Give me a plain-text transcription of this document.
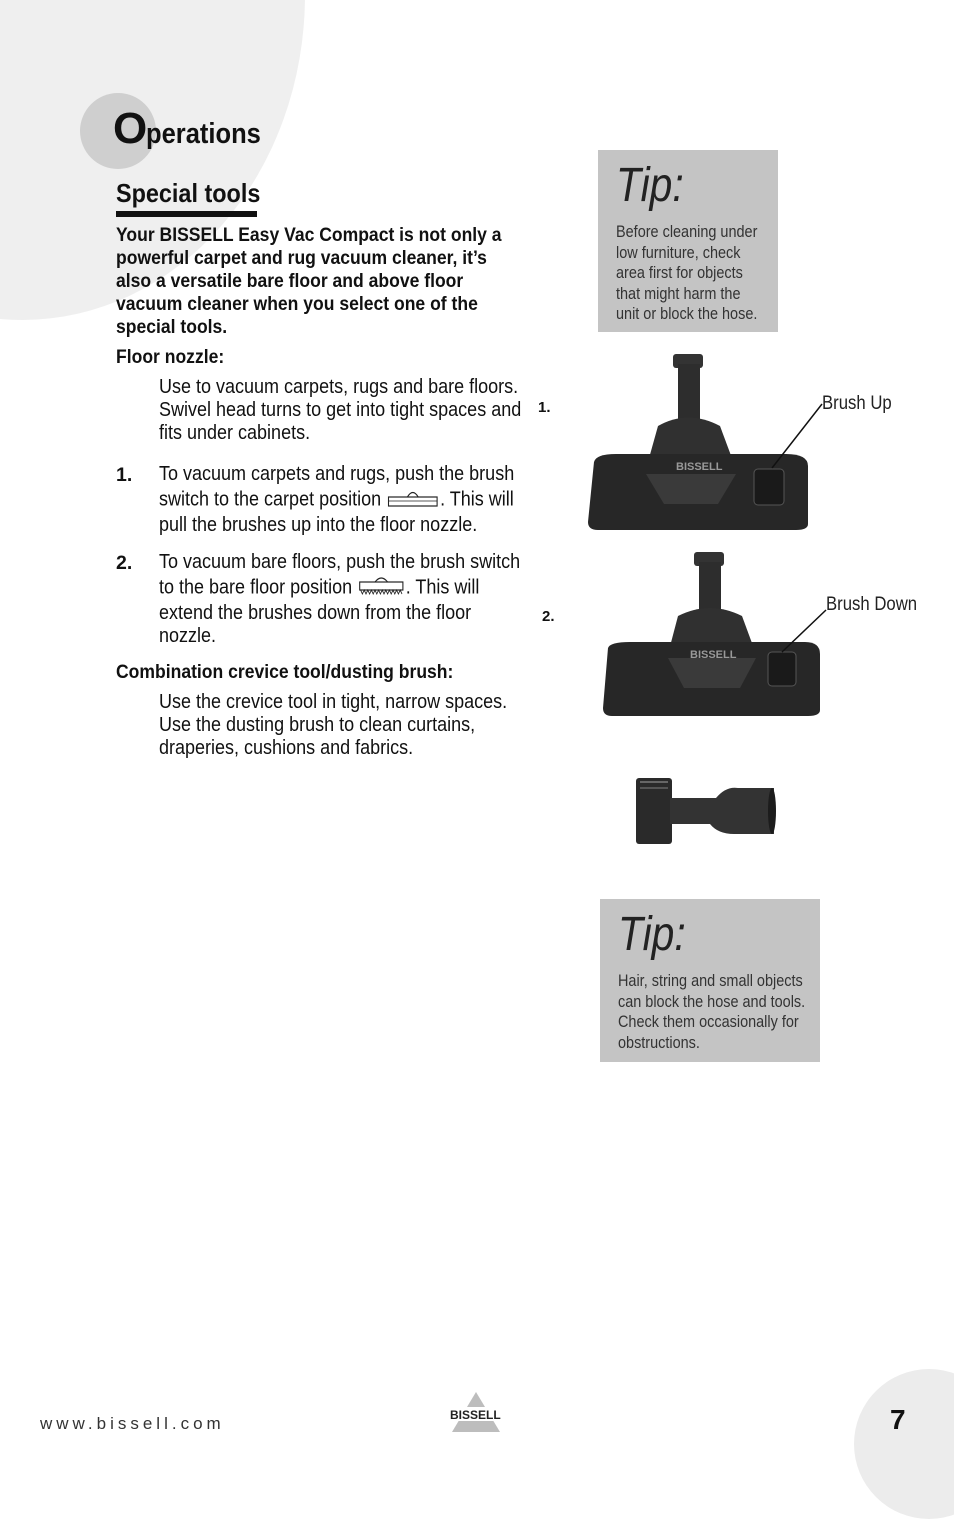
O perations
Special tools
Your BISSELL Easy Vac Compact is not only a powerful carpet and rug vacuum cleaner, it’s also a versatile bare floor and above floor vacuum cleaner when you select one of the special tools.
Floor nozzle:
Use to vacuum carpets, rugs and bare floors. Swivel head turns to get into tight spaces and fits under cabinets.
1. To vacuum carpets and rugs, push the brush switch to the carpet position	. This will pull the brushes up into the floor nozzle.
2. To vacuum bare floors, push the brush switch to the bare floor position	. This will extend the brushes down from the floor nozzle.
Combination crevice tool/dusting brush:
Use the crevice tool in tight, narrow spaces. Use the dusting brush to clean curtains, draperies, cushions and fabrics.
Tip:
Before cleaning under
low furniture, check
area first for objects
that might harm the
unit or block the hose.
1.
BISSELL
Brush Up
2.
BISSELL
Brush Down
Tip:
Hair, string and small objects
can block the hose and tools.
Check them occasionally for
obstructions.
www.bissell.com	BISSELL	7
